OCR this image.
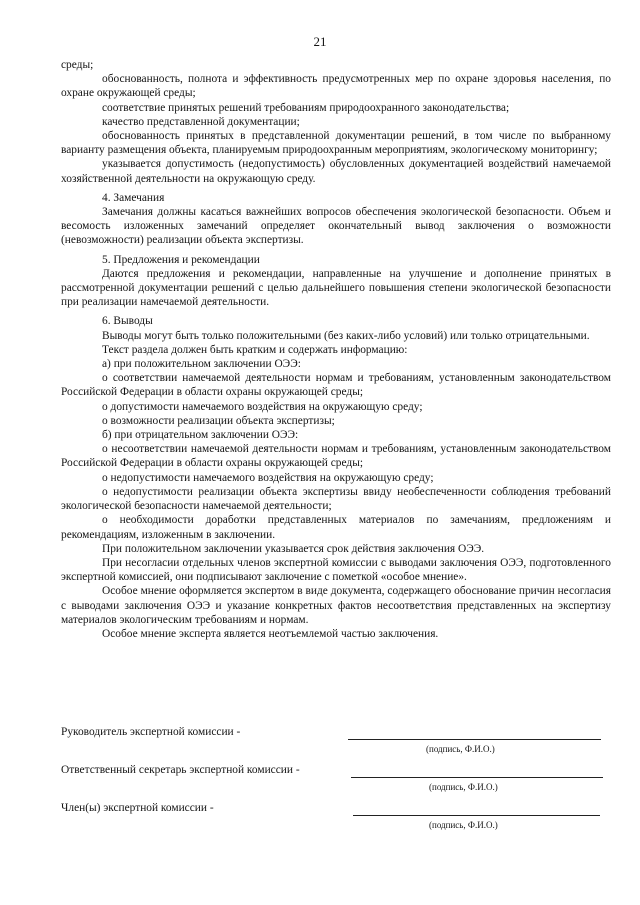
21

среды;

обоснованность, полнота и эффективность предусмотренных мер по охране здоровья населения, по охране окружающей среды;

соответствие принятых решений требованиям природоохранного законодательства;

качество представленной документации;

обоснованность принятых в представленной документации решений, в том числе по выбранному варианту размещения объекта, планируемым природоохранным мероприятиям, экологическому мониторингу;

указывается допустимость (недопустимость) обусловленных документацией воздействий намечаемой хозяйственной деятельности на окружающую среду.

4. Замечания

Замечания должны касаться важнейших вопросов обеспечения экологической безопасности. Объем и весомость изложенных замечаний определяет окончательный вывод заключения о возможности (невозможности) реализации объекта экспертизы.

5. Предложения и рекомендации

Даются предложения и рекомендации, направленные на улучшение и дополнение принятых в рассмотренной документации решений с целью дальнейшего повышения степени экологической безопасности при реализации намечаемой деятельности.

6. Выводы

Выводы могут быть только положительными (без каких-либо условий) или только отрицательными.

Текст раздела должен быть кратким и содержать информацию:

а) при положительном заключении ОЭЭ:

о соответствии намечаемой деятельности нормам и требованиям, установленным законодательством Российской Федерации в области охраны окружающей среды;

о допустимости намечаемого воздействия на окружающую среду;

о возможности реализации объекта экспертизы;

б) при отрицательном заключении ОЭЭ:

о несоответствии намечаемой деятельности нормам и требованиям, установленным законодательством Российской Федерации в области охраны окружающей среды;

о недопустимости намечаемого воздействия на окружающую среду;

о недопустимости реализации объекта экспертизы ввиду необеспеченности соблюдения требований экологической безопасности намечаемой деятельности;

о необходимости доработки представленных материалов по замечаниям, предложениям и рекомендациям, изложенным в заключении.

При положительном заключении указывается срок действия заключения ОЭЭ.

При несогласии отдельных членов экспертной комиссии с выводами заключения ОЭЭ, подготовленного экспертной комиссией, они подписывают заключение с пометкой «особое мнение».

Особое мнение оформляется экспертом в виде документа, содержащего обоснование причин несогласия с выводами заключения ОЭЭ и указание конкретных фактов несоответствия представленных на экспертизу материалов экологическим требованиям и нормам.

Особое мнение эксперта является неотъемлемой частью заключения.

Руководитель экспертной комиссии -
(подпись, Ф.И.О.)
Ответственный секретарь экспертной комиссии -
(подпись, Ф.И.О.)
Член(ы) экспертной комиссии -
(подпись, Ф.И.О.)
